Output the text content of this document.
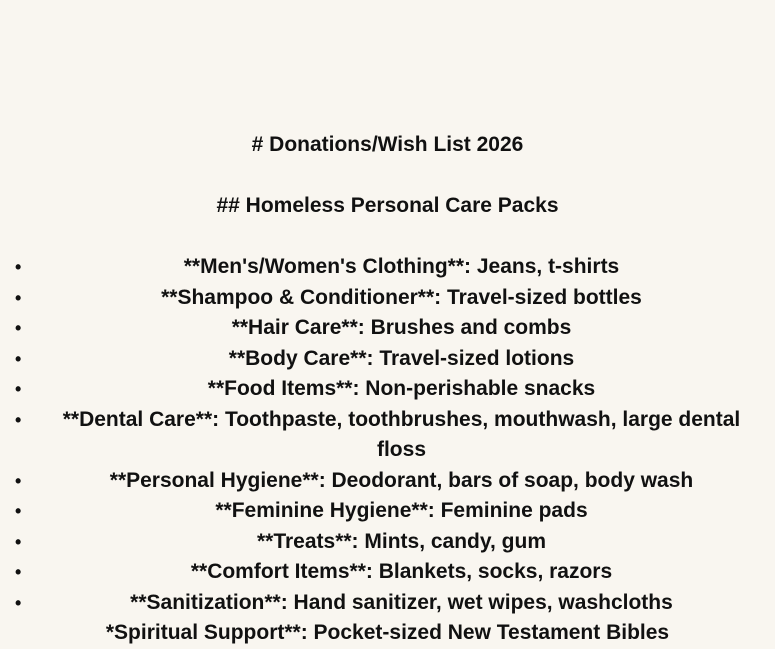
# Donations/Wish List 2026
## Homeless Personal Care Packs
•	**Men's/Women's Clothing**: Jeans, t-shirts
•	**Shampoo & Conditioner**: Travel-sized bottles
•	**Hair Care**: Brushes and combs
•	**Body Care**: Travel-sized lotions
•	**Food Items**: Non-perishable snacks
• **Dental Care**: Toothpaste, toothbrushes, mouthwash, large dental floss
•	**Personal Hygiene**: Deodorant, bars of soap, body wash
•	**Feminine Hygiene**: Feminine pads
•	**Treats**: Mints, candy, gum
•	**Comfort Items**: Blankets, socks, razors
•	**Sanitization**: Hand sanitizer, wet wipes, washcloths

*Spiritual Support**: Pocket-sized New Testament Bibles
